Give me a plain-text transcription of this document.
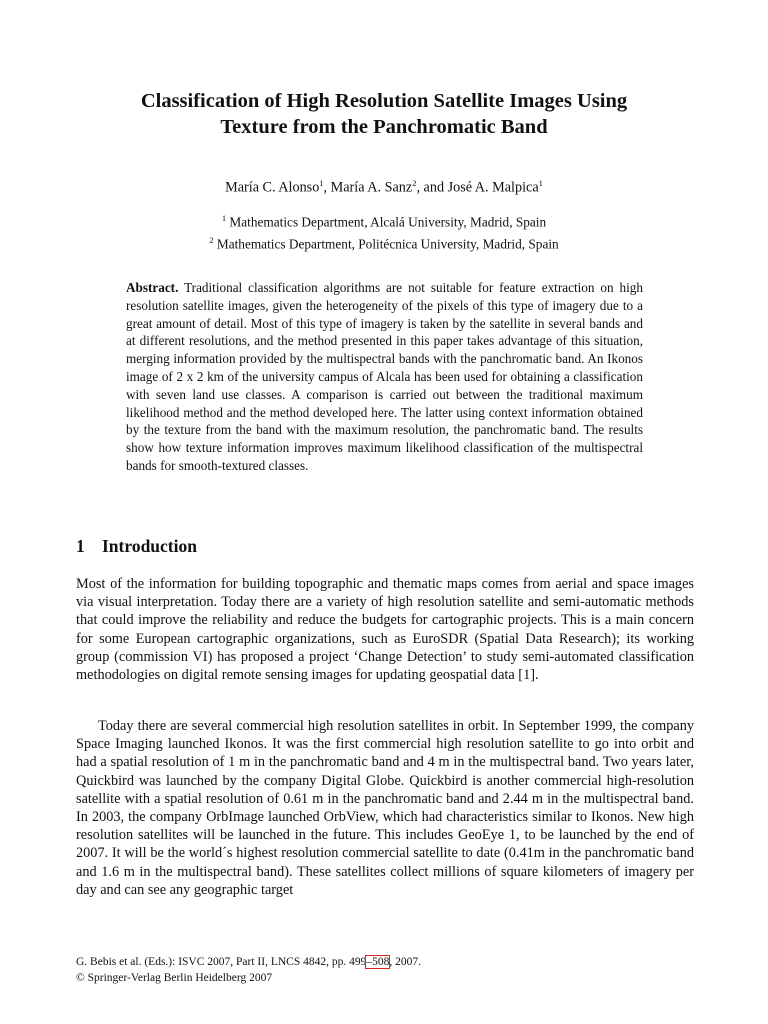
Classification of High Resolution Satellite Images Using
Texture from the Panchromatic Band
María C. Alonso$^1$, María A. Sanz$^2$, and José A. Malpica$^1$
$^1$ Mathematics Department, Alcalá University, Madrid, Spain
$^2$ Mathematics Department, Politécnica University, Madrid, Spain

Abstract. Traditional classification algorithms are not suitable for feature extraction on high resolution satellite images, given the heterogeneity of the pixels of this type of imagery due to a great amount of detail. Most of this type of imagery is taken by the satellite in several bands and at different resolutions, and the method presented in this paper takes advantage of this situation, merging information provided by the multispectral bands with the panchromatic band. An Ikonos image of 2 x 2 km of the university campus of Alcala has been used for obtaining a classification with seven land use classes. A comparison is carried out between the traditional maximum likelihood method and the method developed here. The latter using context information obtained by the texture from the band with the maximum resolution, the panchromatic band. The results show how texture information improves maximum likelihood classification of the multispectral bands for smooth-textured classes.

1 Introduction

Most of the information for building topographic and thematic maps comes from aerial and space images via visual interpretation. Today there are a variety of high resolution satellite and semi-automatic methods that could improve the reliability and reduce the budgets for cartographic projects. This is a main concern for some European cartographic organizations, such as EuroSDR (Spatial Data Research); its working group (commission VI) has proposed a project ‘Change Detection’ to study semi-automated classification methodologies on digital remote sensing images for updating geospatial data [1].

Today there are several commercial high resolution satellites in orbit. In September 1999, the company Space Imaging launched Ikonos. It was the first commercial high resolution satellite to go into orbit and had a spatial resolution of 1 m in the panchromatic band and 4 m in the multispectral band. Two years later, Quickbird was launched by the company Digital Globe. Quickbird is another commercial high-resolution satellite with a spatial resolution of 0.61 m in the panchromatic band and 2.44 m in the multispectral band. In 2003, the company OrbImage launched OrbView, which had characteristics similar to Ikonos. New high resolution satellites will be launched in the future. This includes GeoEye 1, to be launched by the end of 2007. It will be the world´s highest resolution commercial satellite to date (0.41m in the panchromatic band and 1.6 m in the multispectral band). These satellites collect millions of square kilometers of imagery per day and can see any geographic target

G. Bebis et al. (Eds.): ISVC 2007, Part II, LNCS 4842, pp. 499–508, 2007.
© Springer-Verlag Berlin Heidelberg 2007
